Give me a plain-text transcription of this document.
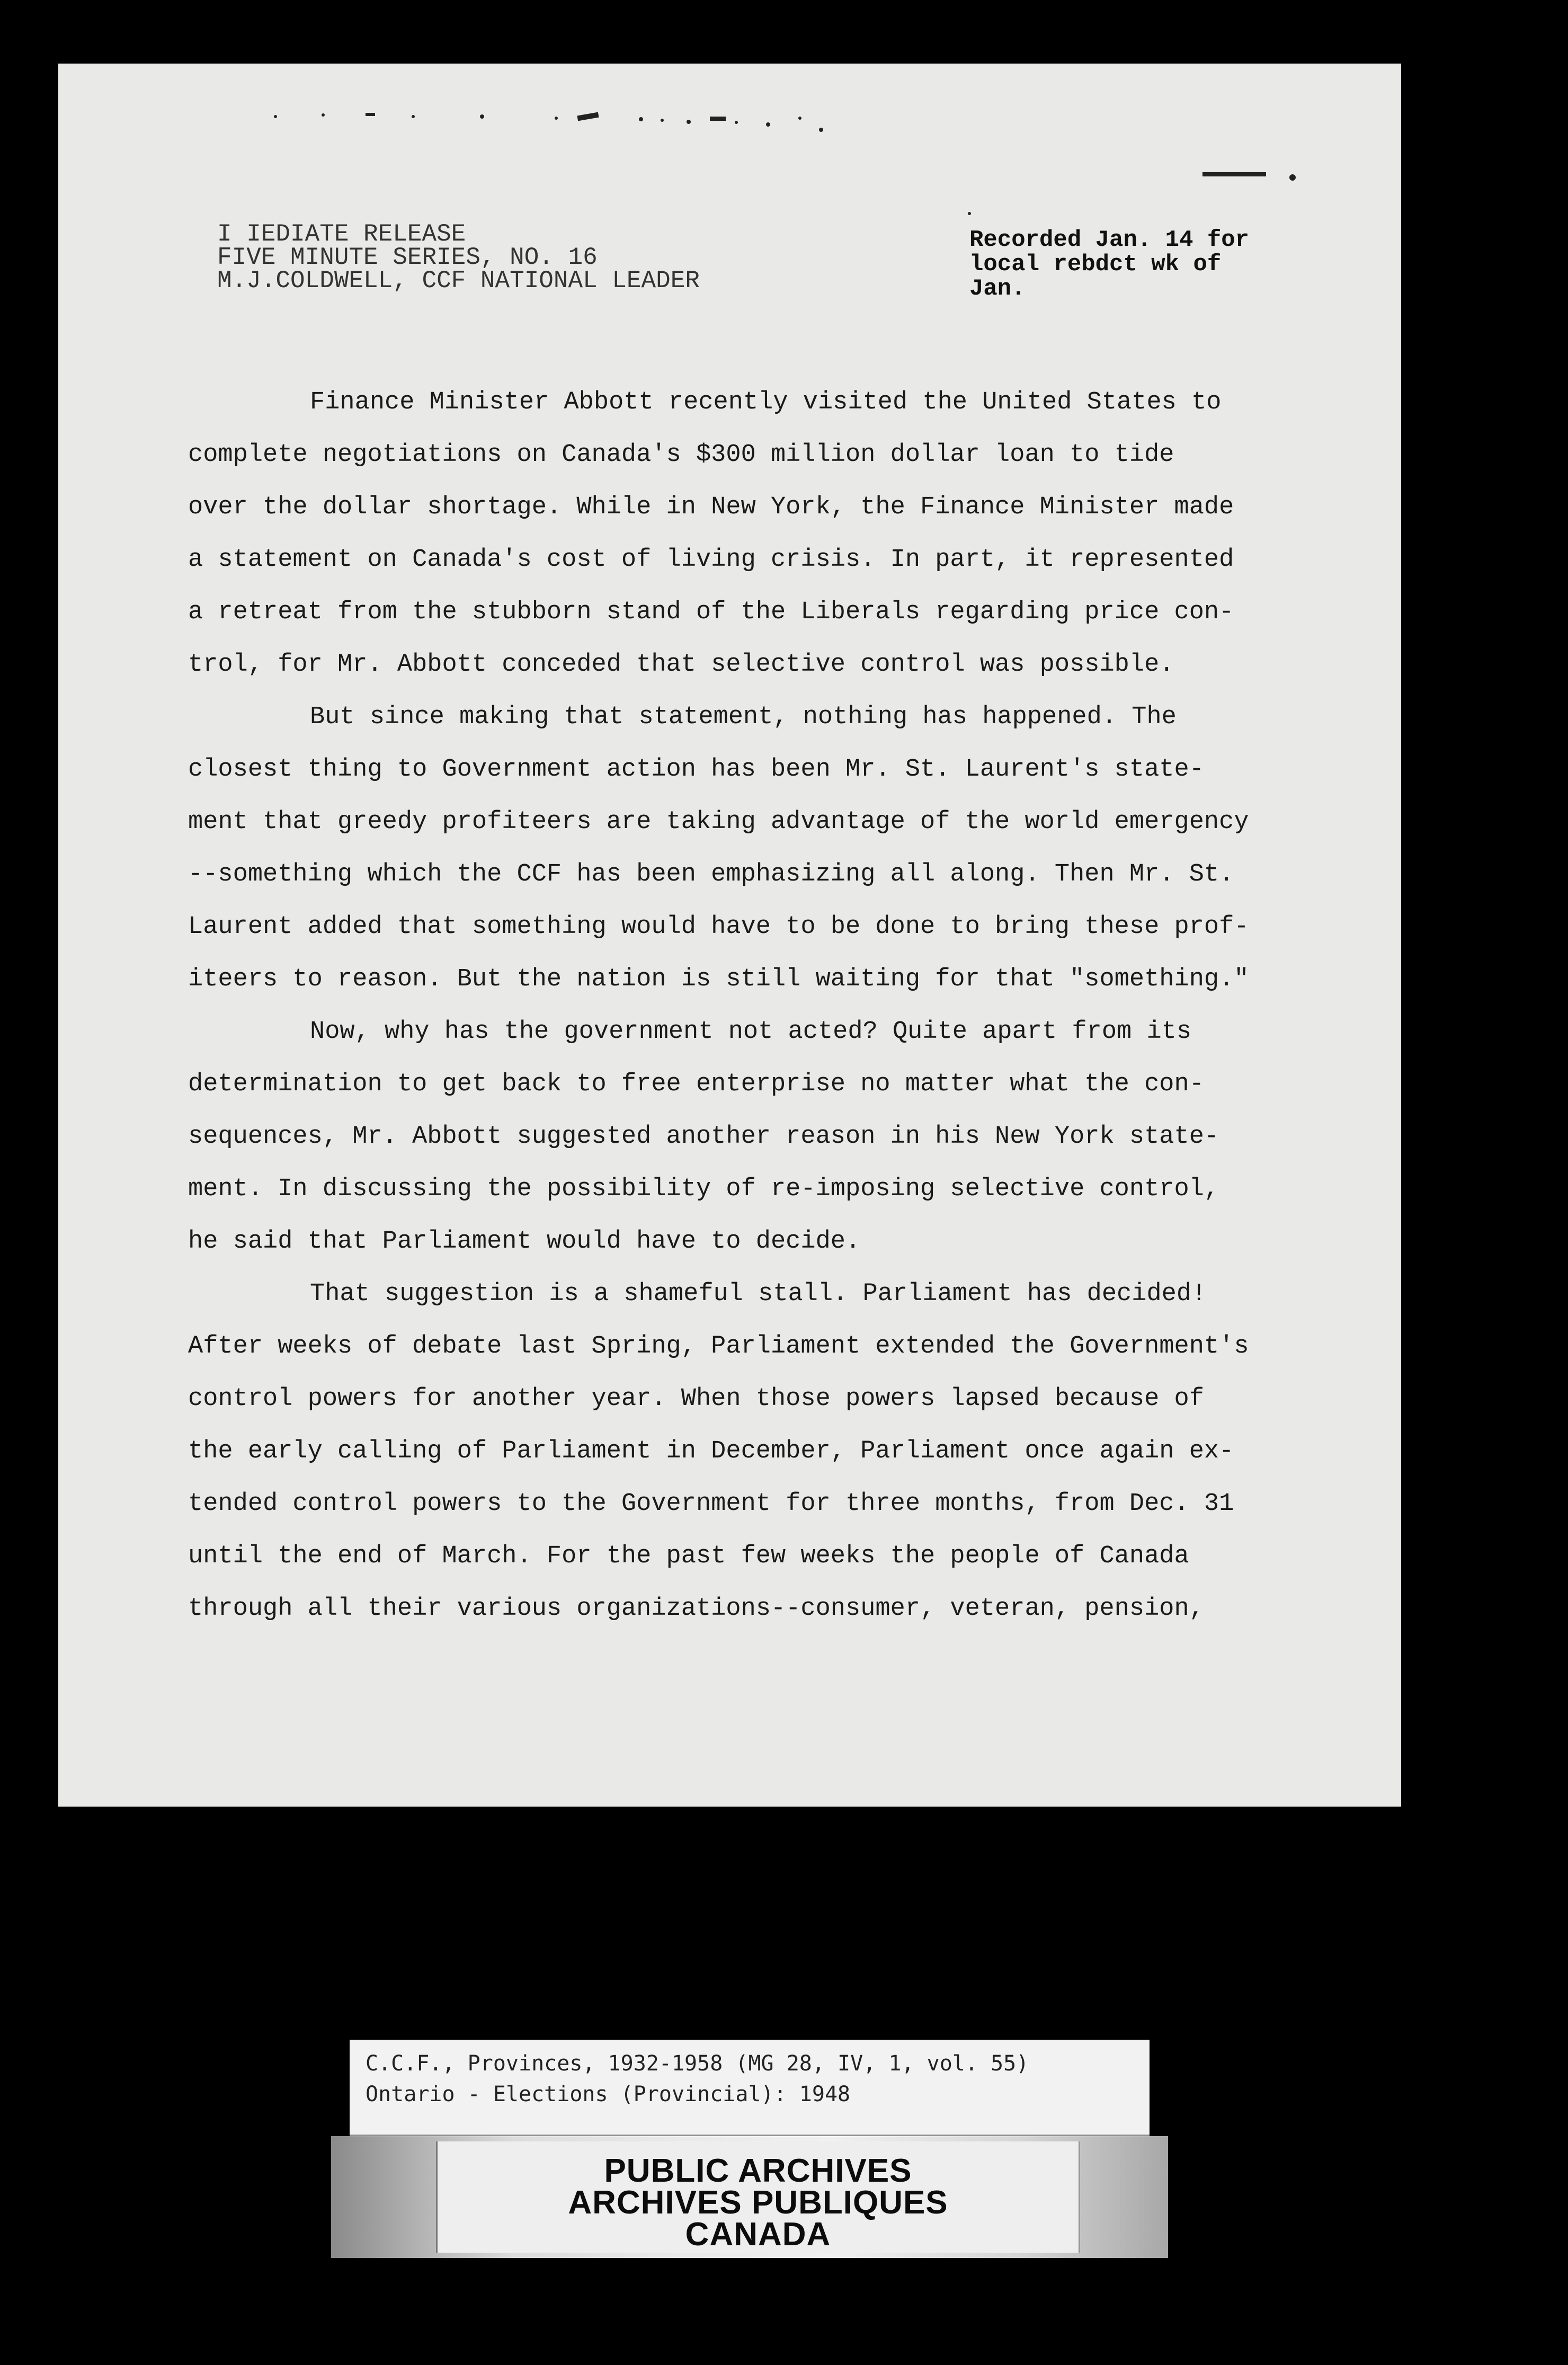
I IEDIATE RELEASE
FIVE MINUTE SERIES, NO. 16
M.J.COLDWELL, CCF NATIONAL LEADER
Recorded Jan. 14 for
local rebdct wk of
Jan.
Finance Minister Abbott recently visited the United States to
complete negotiations on Canada's $300 million dollar loan to tide
over the dollar shortage. While in New York, the Finance Minister made
a statement on Canada's cost of living crisis. In part, it represented
a retreat from the stubborn stand of the Liberals regarding price con-
trol, for Mr. Abbott conceded that selective control was possible.
But since making that statement, nothing has happened. The
closest thing to Government action has been Mr. St. Laurent's state-
ment that greedy profiteers are taking advantage of the world emergency
--something which the CCF has been emphasizing all along. Then Mr. St.
Laurent added that something would have to be done to bring these prof-
iteers to reason. But the nation is still waiting for that "something."
Now, why has the government not acted? Quite apart from its
determination to get back to free enterprise no matter what the con-
sequences, Mr. Abbott suggested another reason in his New York state-
ment. In discussing the possibility of re-imposing selective control,
he said that Parliament would have to decide.
That suggestion is a shameful stall. Parliament has decided!
After weeks of debate last Spring, Parliament extended the Government's
control powers for another year. When those powers lapsed because of
the early calling of Parliament in December, Parliament once again ex-
tended control powers to the Government for three months, from Dec. 31
until the end of March. For the past few weeks the people of Canada
through all their various organizations--consumer, veteran, pension,
C.C.F., Provinces, 1932-1958 (MG 28, IV, 1, vol. 55)
Ontario - Elections (Provincial): 1948
PUBLIC ARCHIVES
ARCHIVES PUBLIQUES
CANADA
